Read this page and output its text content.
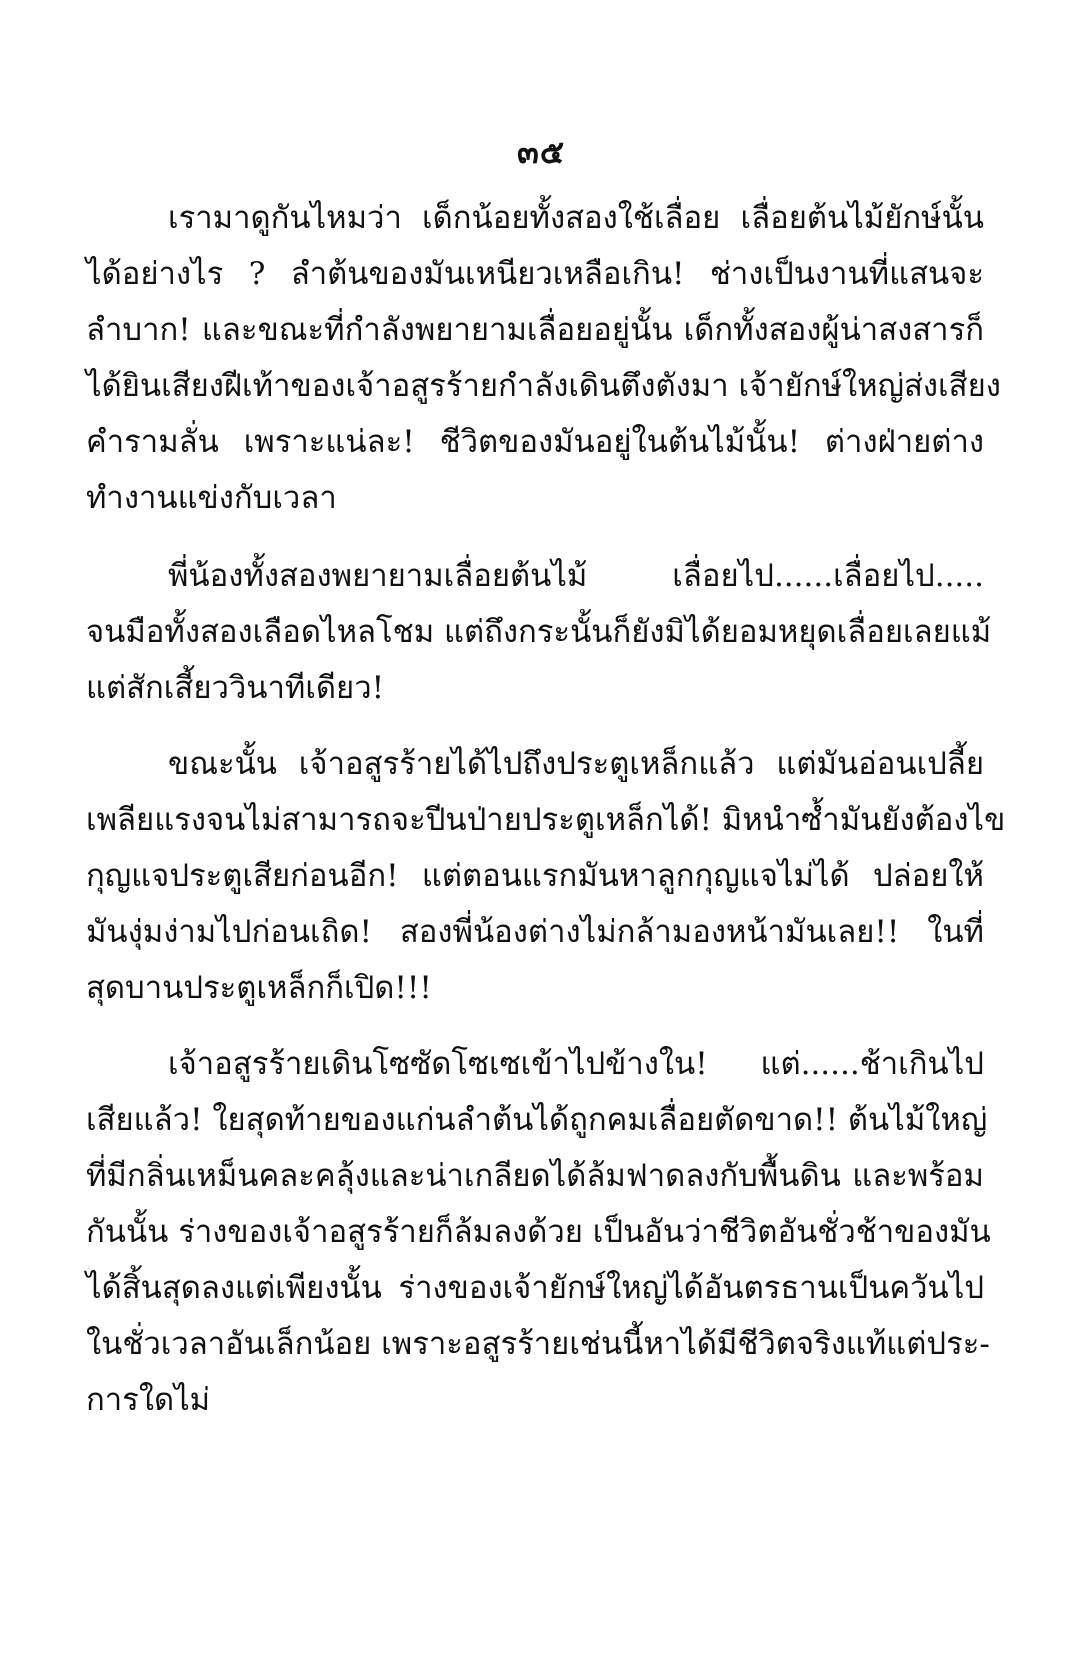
๓๕
เรามาดูกันไหมว่า เด็กน้อยทั้งสองใช้เลื่อย เลื่อยต้นไม้ยักษ์นั้น
ได้อย่างไร ? ลำต้นของมันเหนียวเหลือเกิน! ช่างเป็นงานที่แสนจะ
ลำบาก! และขณะที่กำลังพยายามเลื่อยอยู่นั้น เด็กทั้งสองผู้น่าสงสารก็
ได้ยินเสียงฝีเท้าของเจ้าอสูรร้ายกำลังเดินตึงตังมา เจ้ายักษ์ใหญ่ส่งเสียง
คำรามลั่น เพราะแน่ละ! ชีวิตของมันอยู่ในต้นไม้นั้น! ต่างฝ่ายต่าง
ทำงานแข่งกับเวลา
พี่น้องทั้งสองพยายามเลื่อยต้นไม้ เลื่อยไป......เลื่อยไป.....
จนมือทั้งสองเลือดไหลโชม แต่ถึงกระนั้นก็ยังมิได้ยอมหยุดเลื่อยเลยแม้
แต่สักเสี้ยววินาทีเดียว!
ขณะนั้น เจ้าอสูรร้ายได้ไปถึงประตูเหล็กแล้ว แต่มันอ่อนเปลี้ย
เพลียแรงจนไม่สามารถจะปีนป่ายประตูเหล็กได้! มิหนำซ้ำมันยังต้องไข
กุญแจประตูเสียก่อนอีก! แต่ตอนแรกมันหาลูกกุญแจไม่ได้ ปล่อยให้
มันงุ่มง่ามไปก่อนเถิด! สองพี่น้องต่างไม่กล้ามองหน้ามันเลย!! ในที่
สุดบานประตูเหล็กก็เปิด!!!
เจ้าอสูรร้ายเดินโซซัดโซเซเข้าไปข้างใน! แต่......ช้าเกินไป
เสียแล้ว! ใยสุดท้ายของแก่นลำต้นได้ถูกคมเลื่อยตัดขาด!! ต้นไม้ใหญ่
ที่มีกลิ่นเหม็นคละคลุ้งและน่าเกลียดได้ล้มฟาดลงกับพื้นดิน และพร้อม
กันนั้น ร่างของเจ้าอสูรร้ายก็ล้มลงด้วย เป็นอันว่าชีวิตอันชั่วช้าของมัน
ได้สิ้นสุดลงแต่เพียงนั้น ร่างของเจ้ายักษ์ใหญ่ได้อันตรธานเป็นควันไป
ในชั่วเวลาอันเล็กน้อย เพราะอสูรร้ายเช่นนี้หาได้มีชีวิตจริงแท้แต่ประ-
การใดไม่
